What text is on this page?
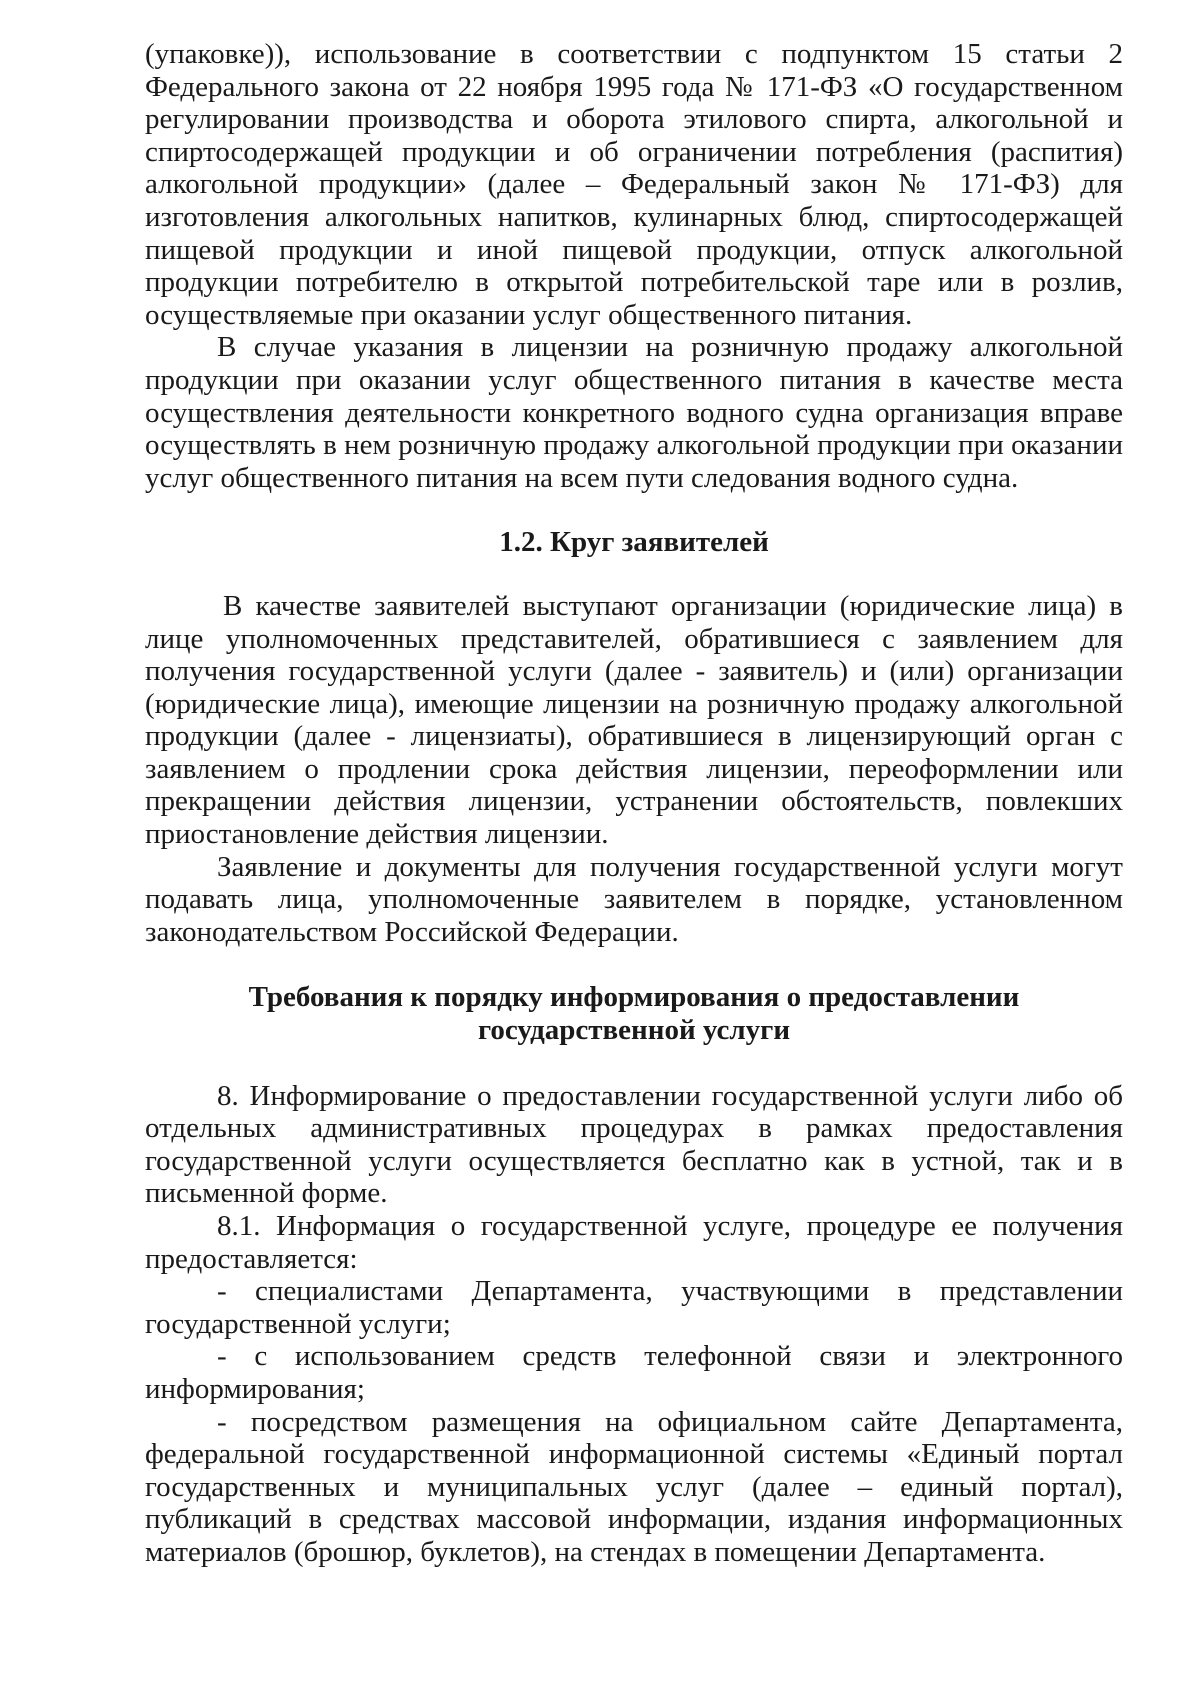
(упаковке)), использование в соответствии с подпунктом 15 статьи 2 Федерального закона от 22 ноября 1995 года № 171-ФЗ «О государственном регулировании производства и оборота этилового спирта, алкогольной и спиртосодержащей продукции и об ограничении потребления (распития) алкогольной продукции» (далее – Федеральный закон № 171-ФЗ) для изготовления алкогольных напитков, кулинарных блюд, спиртосодержащей пищевой продукции и иной пищевой продукции, отпуск алкогольной продукции потребителю в открытой потребительской таре или в розлив, осуществляемые при оказании услуг общественного питания.

В случае указания в лицензии на розничную продажу алкогольной продукции при оказании услуг общественного питания в качестве места осуществления деятельности конкретного водного судна организация вправе осуществлять в нем розничную продажу алкогольной продукции при оказании услуг общественного питания на всем пути следования водного судна.

1.2. Круг заявителей

В качестве заявителей выступают организации (юридические лица) в лице уполномоченных представителей, обратившиеся с заявлением для получения государственной услуги (далее - заявитель) и (или) организации (юридические лица), имеющие лицензии на розничную продажу алкогольной продукции (далее - лицензиаты), обратившиеся в лицензирующий орган с заявлением о продлении срока действия лицензии, переоформлении или прекращении действия лицензии, устранении обстоятельств, повлекших приостановление действия лицензии.

Заявление и документы для получения государственной услуги могут подавать лица, уполномоченные заявителем в порядке, установленном законодательством Российской Федерации.

Требования к порядку информирования о предоставлении

государственной услуги

8. Информирование о предоставлении государственной услуги либо об отдельных административных процедурах в рамках предоставления государственной услуги осуществляется бесплатно как в устной, так и в письменной форме.

8.1. Информация о государственной услуге, процедуре ее получения предоставляется:

- специалистами Департамента, участвующими в представлении государственной услуги;

- с использованием средств телефонной связи и электронного информирования;

- посредством размещения на официальном сайте Департамента, федеральной государственной информационной системы «Единый портал государственных и муниципальных услуг (далее – единый портал), публикаций в средствах массовой информации, издания информационных материалов (брошюр, буклетов), на стендах в помещении Департамента.
